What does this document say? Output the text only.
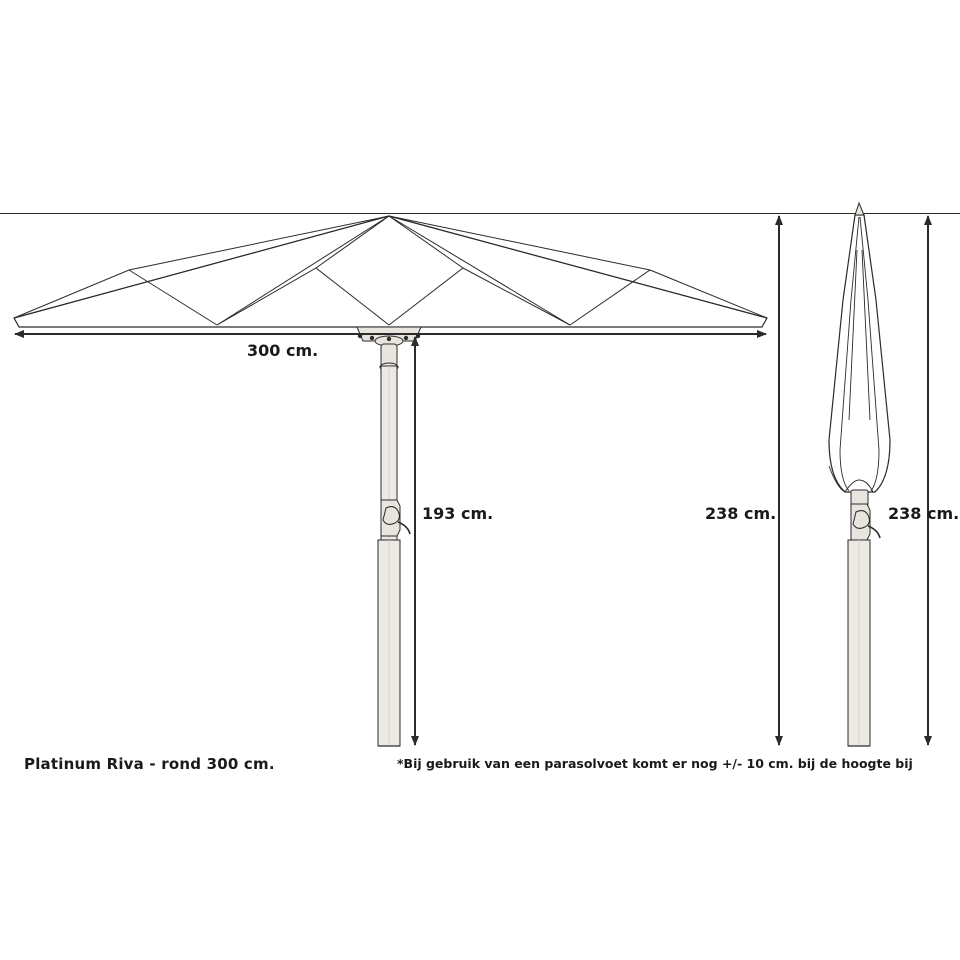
300 cm.
193 cm.	238 cm.	238 cm.
Platinum Riva - rond 300 cm.	*Bij gebruik van een parasolvoet komt er nog +/- 10 cm. bij de hoogte bij
